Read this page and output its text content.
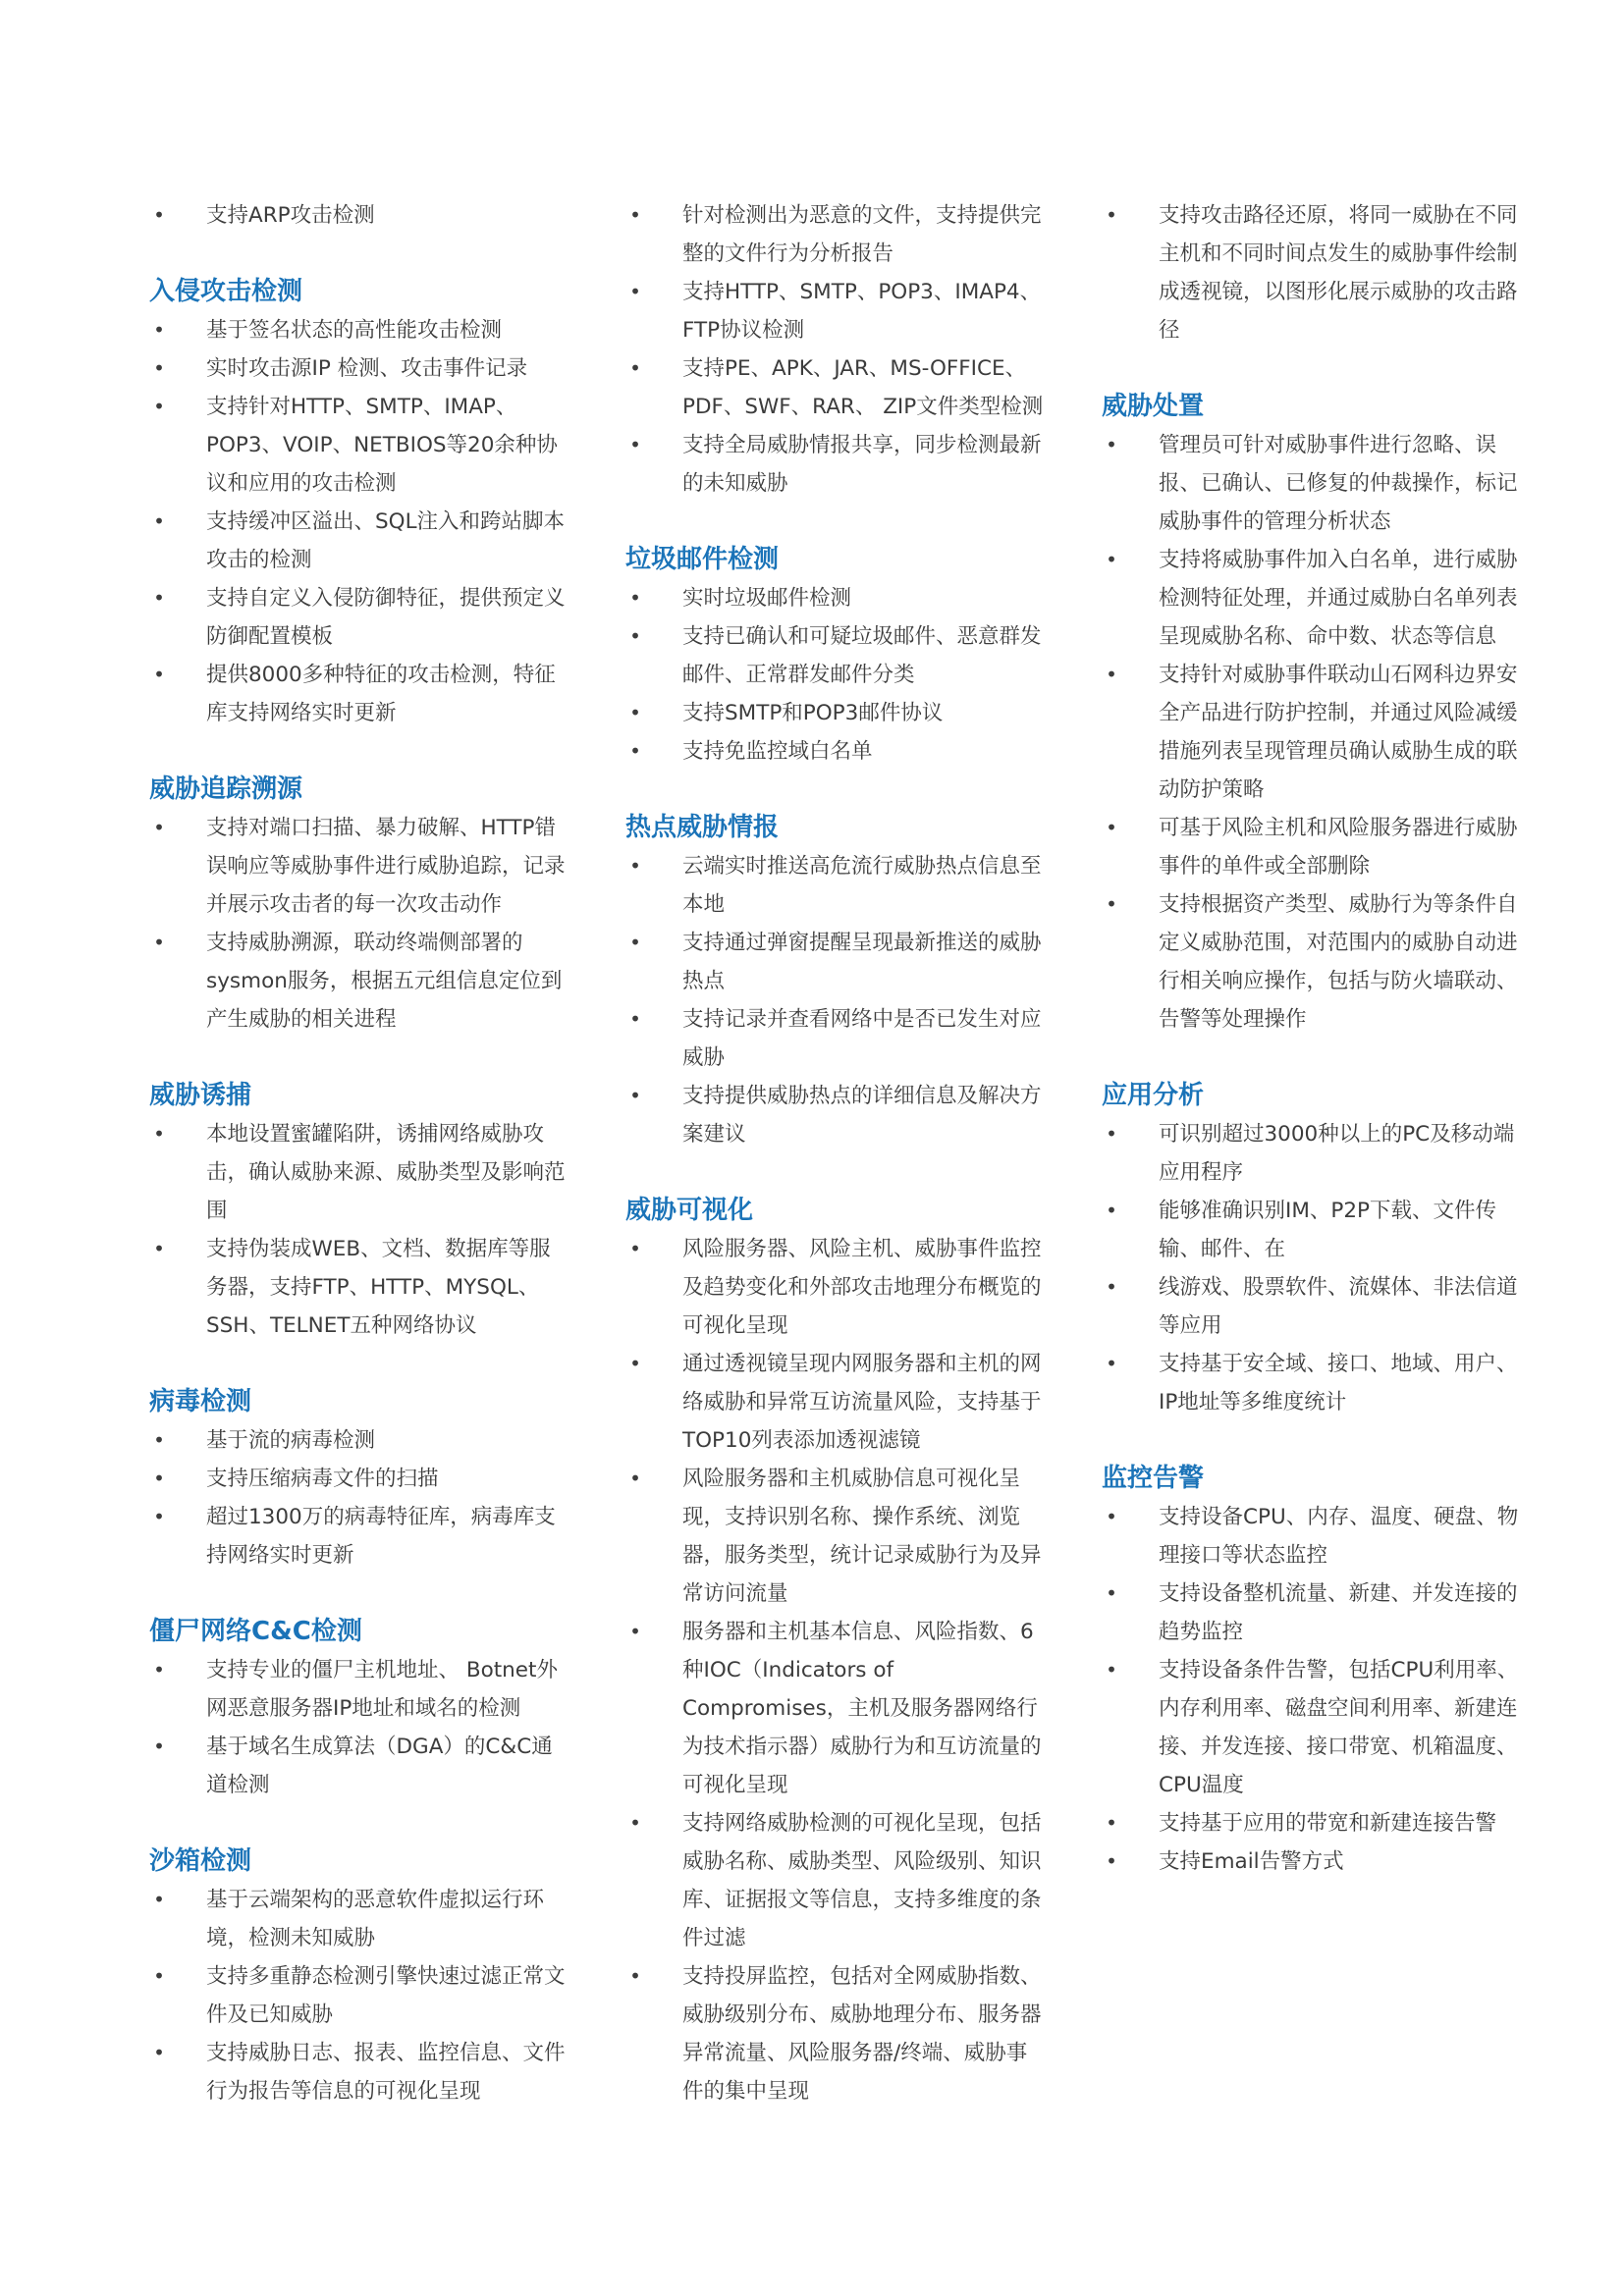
• 支持ARP攻击检测
入侵攻击检测
• 基于签名状态的高性能攻击检测
• 实时攻击源IP 检测、攻击事件记录
• 支持针对HTTP、SMTP、IMAP、POP3、VOIP、NETBIOS等20余种协议和应用的攻击检测
• 支持缓冲区溢出、SQL注入和跨站脚本攻击的检测
• 支持自定义入侵防御特征，提供预定义防御配置模板
• 提供8000多种特征的攻击检测，特征库支持网络实时更新
威胁追踪溯源
• 支持对端口扫描、暴力破解、HTTP错误响应等威胁事件进行威胁追踪，记录并展示攻击者的每一次攻击动作
• 支持威胁溯源，联动终端侧部署的sysmon服务，根据五元组信息定位到产生威胁的相关进程
威胁诱捕
• 本地设置蜜罐陷阱，诱捕网络威胁攻击，确认威胁来源、威胁类型及影响范围
• 支持伪装成WEB、文档、数据库等服务器，支持FTP、HTTP、MYSQL、SSH、TELNET五种网络协议
病毒检测
• 基于流的病毒检测
• 支持压缩病毒文件的扫描
• 超过1300万的病毒特征库，病毒库支持网络实时更新
僵尸网络C&C检测
• 支持专业的僵尸主机地址、 Botnet外网恶意服务器IP地址和域名的检测
• 基于域名生成算法（DGA）的C&C通道检测
沙箱检测
• 基于云端架构的恶意软件虚拟运行环境，检测未知威胁
• 支持多重静态检测引擎快速过滤正常文件及已知威胁
• 支持威胁日志、报表、监控信息、文件行为报告等信息的可视化呈现
• 针对检测出为恶意的文件，支持提供完整的文件行为分析报告
• 支持HTTP、SMTP、POP3、IMAP4、FTP协议检测
• 支持PE、APK、JAR、MS-OFFICE、PDF、SWF、RAR、 ZIP文件类型检测
• 支持全局威胁情报共享，同步检测最新的未知威胁
垃圾邮件检测
• 实时垃圾邮件检测
• 支持已确认和可疑垃圾邮件、恶意群发邮件、正常群发邮件分类
• 支持SMTP和POP3邮件协议
• 支持免监控域白名单
热点威胁情报
• 云端实时推送高危流行威胁热点信息至本地
• 支持通过弹窗提醒呈现最新推送的威胁热点
• 支持记录并查看网络中是否已发生对应威胁
• 支持提供威胁热点的详细信息及解决方案建议
威胁可视化
• 风险服务器、风险主机、威胁事件监控及趋势变化和外部攻击地理分布概览的可视化呈现
• 通过透视镜呈现内网服务器和主机的网络威胁和异常互访流量风险，支持基于TOP10列表添加透视滤镜
• 风险服务器和主机威胁信息可视化呈现，支持识别名称、操作系统、浏览器，服务类型，统计记录威胁行为及异常访问流量
• 服务器和主机基本信息、风险指数、6种IOC（Indicators of Compromises，主机及服务器网络行为技术指示器）威胁行为和互访流量的可视化呈现
• 支持网络威胁检测的可视化呈现，包括威胁名称、威胁类型、风险级别、知识库、证据报文等信息，支持多维度的条件过滤
• 支持投屏监控，包括对全网威胁指数、威胁级别分布、威胁地理分布、服务器异常流量、风险服务器/终端、威胁事件的集中呈现
• 支持攻击路径还原，将同一威胁在不同主机和不同时间点发生的威胁事件绘制成透视镜，以图形化展示威胁的攻击路径
威胁处置
• 管理员可针对威胁事件进行忽略、误报、已确认、已修复的仲裁操作，标记威胁事件的管理分析状态
• 支持将威胁事件加入白名单，进行威胁检测特征处理，并通过威胁白名单列表呈现威胁名称、命中数、状态等信息
• 支持针对威胁事件联动山石网科边界安全产品进行防护控制，并通过风险减缓措施列表呈现管理员确认威胁生成的联动防护策略
• 可基于风险主机和风险服务器进行威胁事件的单件或全部删除
• 支持根据资产类型、威胁行为等条件自定义威胁范围，对范围内的威胁自动进行相关响应操作，包括与防火墙联动、告警等处理操作
应用分析
• 可识别超过3000种以上的PC及移动端应用程序
• 能够准确识别IM、P2P下载、文件传输、邮件、在
• 线游戏、股票软件、流媒体、非法信道等应用
• 支持基于安全域、接口、地域、用户、IP地址等多维度统计
监控告警
• 支持设备CPU、内存、温度、硬盘、物理接口等状态监控
• 支持设备整机流量、新建、并发连接的趋势监控
• 支持设备条件告警，包括CPU利用率、内存利用率、磁盘空间利用率、新建连接、并发连接、接口带宽、机箱温度、CPU温度
• 支持基于应用的带宽和新建连接告警
• 支持Email告警方式
